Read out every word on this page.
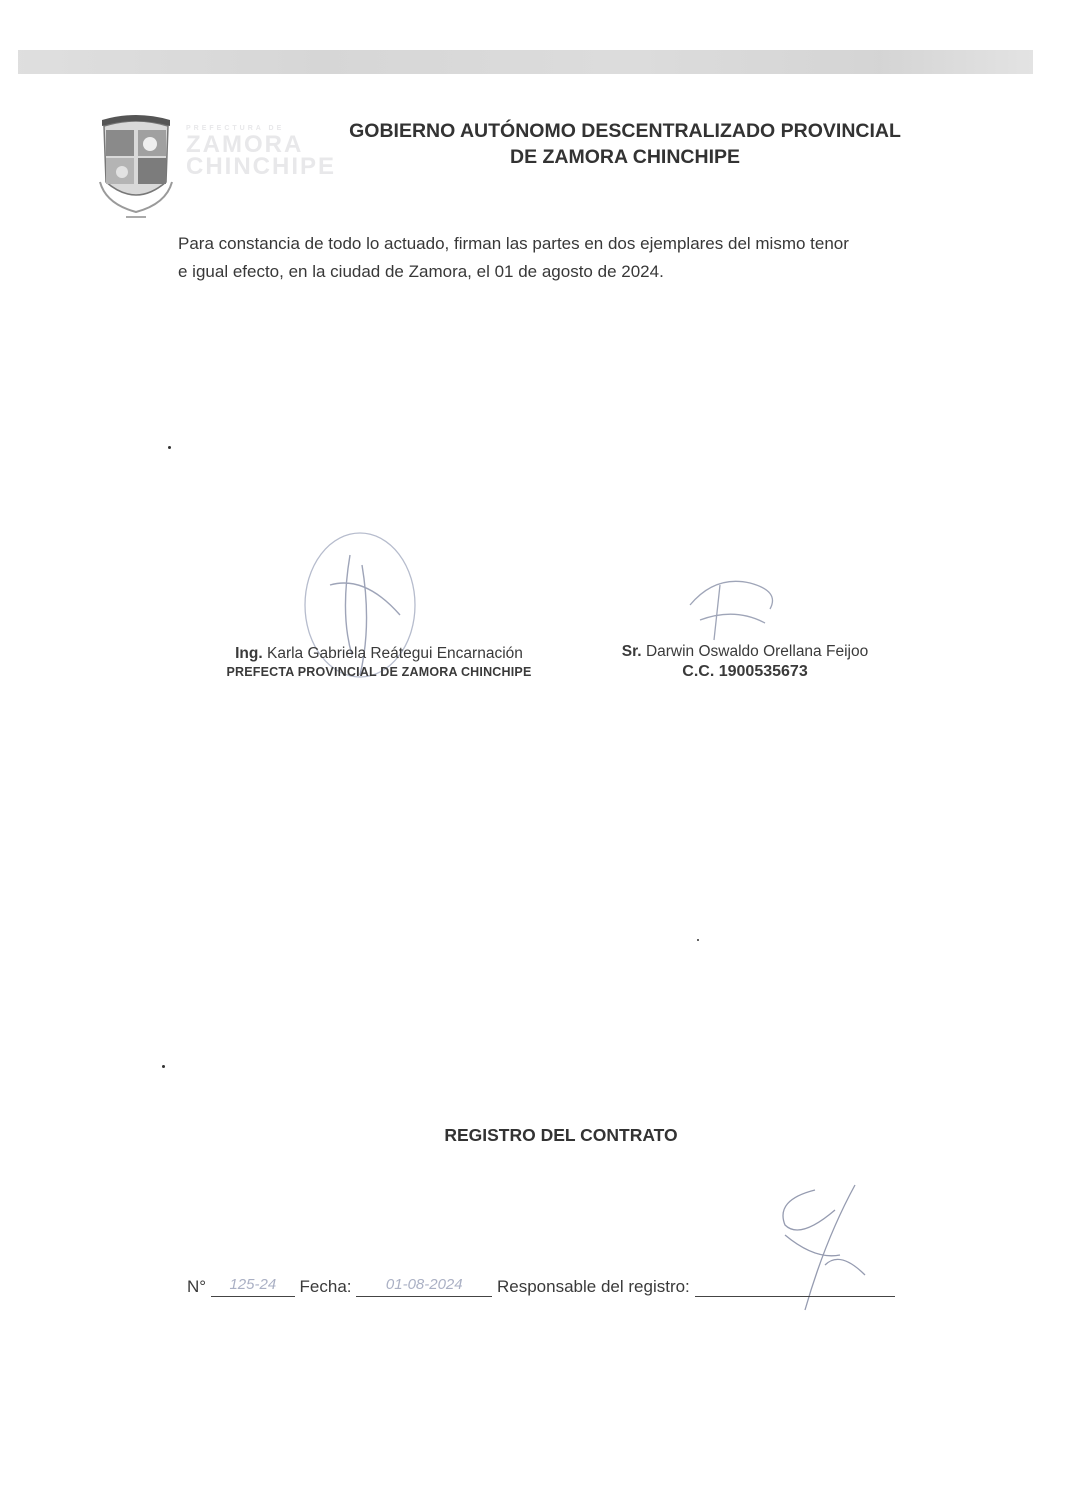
PREFECTURA DE
ZAMORA
CHINCHIPE
GOBIERNO AUTÓNOMO DESCENTRALIZADO PROVINCIAL
DE ZAMORA CHINCHIPE
Para constancia de todo lo actuado, firman las partes en dos ejemplares del mismo tenor
e igual efecto, en la ciudad de Zamora, el 01 de agosto de 2024.
Ing. Karla Gabriela Reátegui Encarnación
PREFECTA PROVINCIAL DE ZAMORA CHINCHIPE
Sr. Darwin Oswaldo Orellana Feijoo
C.C. 1900535673
REGISTRO DEL CONTRATO
N° 125-24 Fecha: 01-08-2024 Responsable del registro:
